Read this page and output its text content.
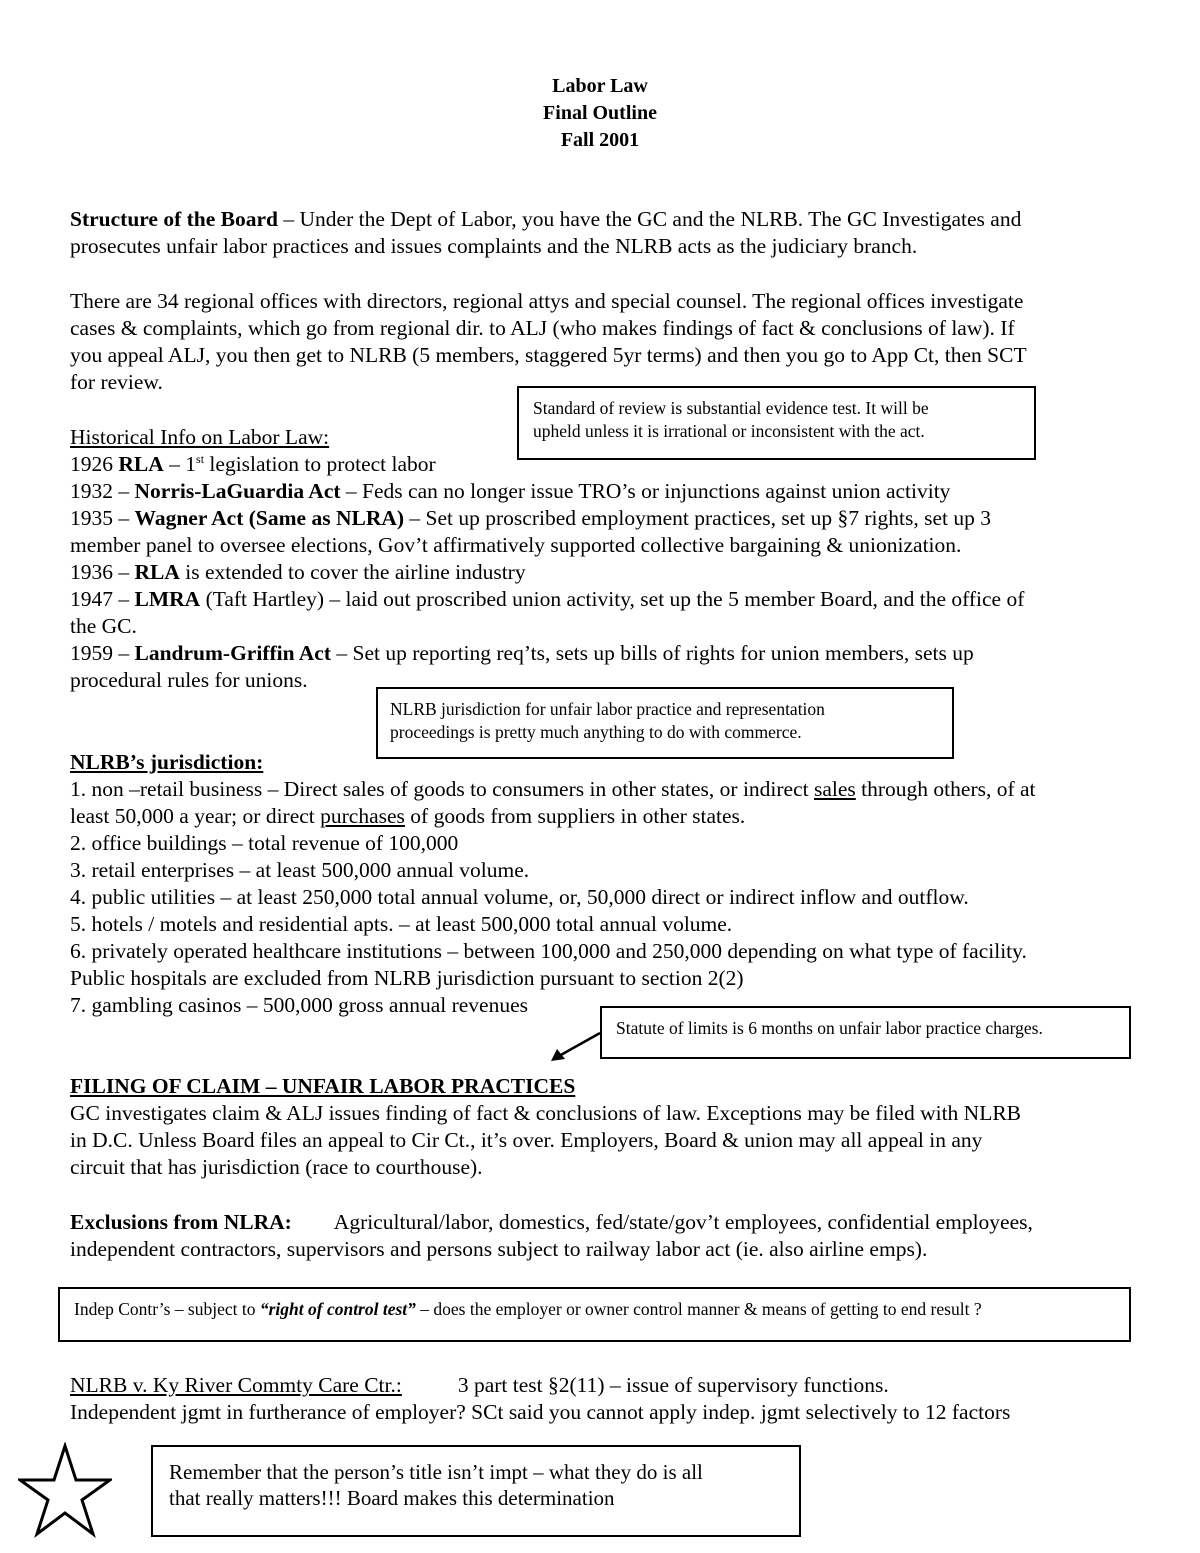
Labor Law
Final Outline
Fall 2001
Structure of the Board – Under the Dept of Labor, you have the GC and the NLRB. The GC Investigates and
prosecutes unfair labor practices and issues complaints and the NLRB acts as the judiciary branch.
There are 34 regional offices with directors, regional attys and special counsel. The regional offices investigate
cases & complaints, which go from regional dir. to ALJ (who makes findings of fact & conclusions of law). If
you appeal ALJ, you then get to NLRB (5 members, staggered 5yr terms) and then you go to App Ct, then SCT
for review.
Standard of review is substantial evidence test. It will be
upheld unless it is irrational or inconsistent with the act.
Historical Info on Labor Law:
1926 RLA – 1st legislation to protect labor
1932 – Norris-LaGuardia Act – Feds can no longer issue TRO’s or injunctions against union activity
1935 – Wagner Act (Same as NLRA) – Set up proscribed employment practices, set up §7 rights, set up 3
member panel to oversee elections, Gov’t affirmatively supported collective bargaining & unionization.
1936 – RLA is extended to cover the airline industry
1947 – LMRA (Taft Hartley) – laid out proscribed union activity, set up the 5 member Board, and the office of
the GC.
1959 – Landrum-Griffin Act – Set up reporting req’ts, sets up bills of rights for union members, sets up
procedural rules for unions.
NLRB jurisdiction for unfair labor practice and representation
proceedings is pretty much anything to do with commerce.
NLRB’s jurisdiction:
1. non –retail business – Direct sales of goods to consumers in other states, or indirect sales through others, of at
least 50,000 a year; or direct purchases of goods from suppliers in other states.
2. office buildings – total revenue of 100,000
3. retail enterprises – at least 500,000 annual volume.
4. public utilities – at least 250,000 total annual volume, or, 50,000 direct or indirect inflow and outflow.
5. hotels / motels and residential apts. – at least 500,000 total annual volume.
6. privately operated healthcare institutions – between 100,000 and 250,000 depending on what type of facility.
Public hospitals are excluded from NLRB jurisdiction pursuant to section 2(2)
7. gambling casinos – 500,000 gross annual revenues
Statute of limits is 6 months on unfair labor practice charges.
FILING OF CLAIM – UNFAIR LABOR PRACTICES
GC investigates claim & ALJ issues finding of fact & conclusions of law. Exceptions may be filed with NLRB
in D.C. Unless Board files an appeal to Cir Ct., it’s over. Employers, Board & union may all appeal in any
circuit that has jurisdiction (race to courthouse).
Exclusions from NLRA: Agricultural/labor, domestics, fed/state/gov’t employees, confidential employees,
independent contractors, supervisors and persons subject to railway labor act (ie. also airline emps).
Indep Contr’s – subject to “right of control test” – does the employer or owner control manner & means of getting to end result ?
NLRB v. Ky River Commty Care Ctr.:	3 part test §2(11) – issue of supervisory functions.
Independent jgmt in furtherance of employer? SCt said you cannot apply indep. jgmt selectively to 12 factors
Remember that the person’s title isn’t impt – what they do is all
that really matters!!! Board makes this determination
